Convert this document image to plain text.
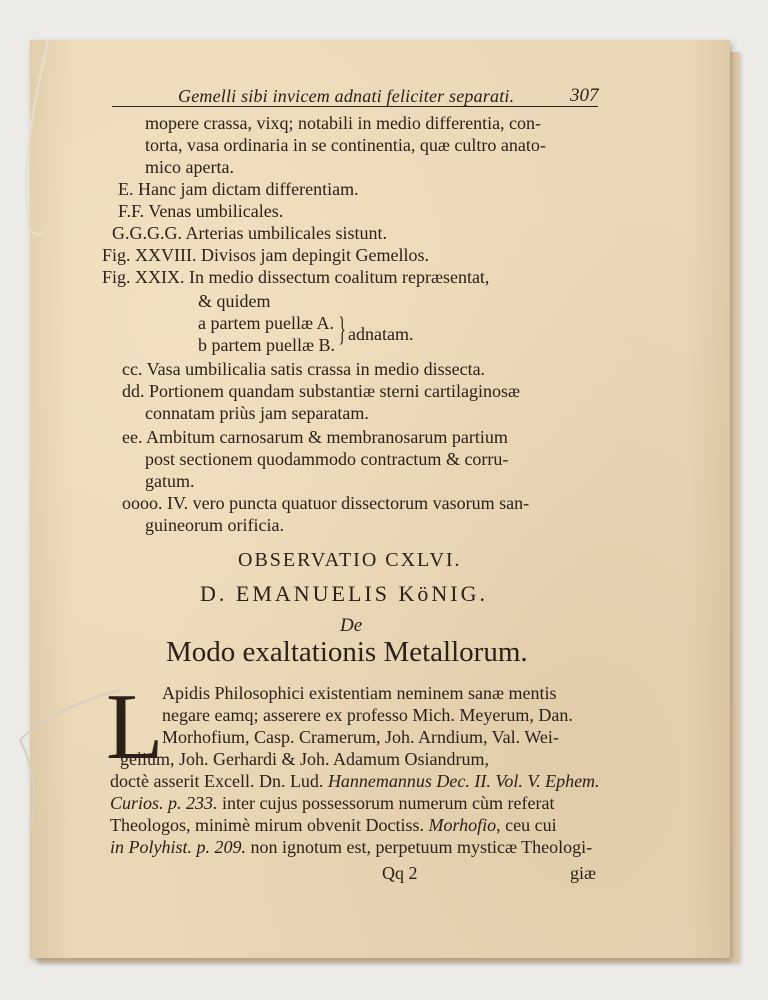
Gemelli sibi invicem adnati feliciter separati.	307
mopere crassa, vixq; notabili in medio differentia, con-
torta, vasa ordinaria in se continentia, quæ cultro anato-
mico aperta.
E. Hanc jam dictam differentiam.
F.F. Venas umbilicales.
G.G.G.G. Arterias umbilicales sistunt.
Fig. XXVIII. Divisos jam depingit Gemellos.
Fig. XXIX. In medio dissectum coalitum repræsentat,
& quidem
a partem puellæ A.
b partem puellæ B. } adnatam.
cc. Vasa umbilicalia satis crassa in medio dissecta.
dd. Portionem quandam substantiæ sterni cartilaginosæ
connatam priùs jam separatam.
ee. Ambitum carnosarum & membranosarum partium
post sectionem quodammodo contractum & corru-
gatum.
oooo. IV. vero puncta quatuor dissectorum vasorum san-
guineorum orificia.
OBSERVATIO CXLVI.
D. EMANUELIS KöNIG.
De
Modo exaltationis Metallorum.
L
Apidis Philosophici existentiam neminem sanæ mentis
negare eamq; asserere ex professo Mich. Meyerum, Dan.
Morhofium, Casp. Cramerum, Joh. Arndium, Val. Wei-
gelium, Joh. Gerhardi & Joh. Adamum Osiandrum,
doctè asserit Excell. Dn. Lud. Hannemannus Dec. II. Vol. V. Ephem.
Curios. p. 233. inter cujus possessorum numerum cùm referat
Theologos, minimè mirum obvenit Doctiss. Morhofio, ceu cui
in Polyhist. p. 209. non ignotum est, perpetuum mysticæ Theologi-
Qq 2	giæ
